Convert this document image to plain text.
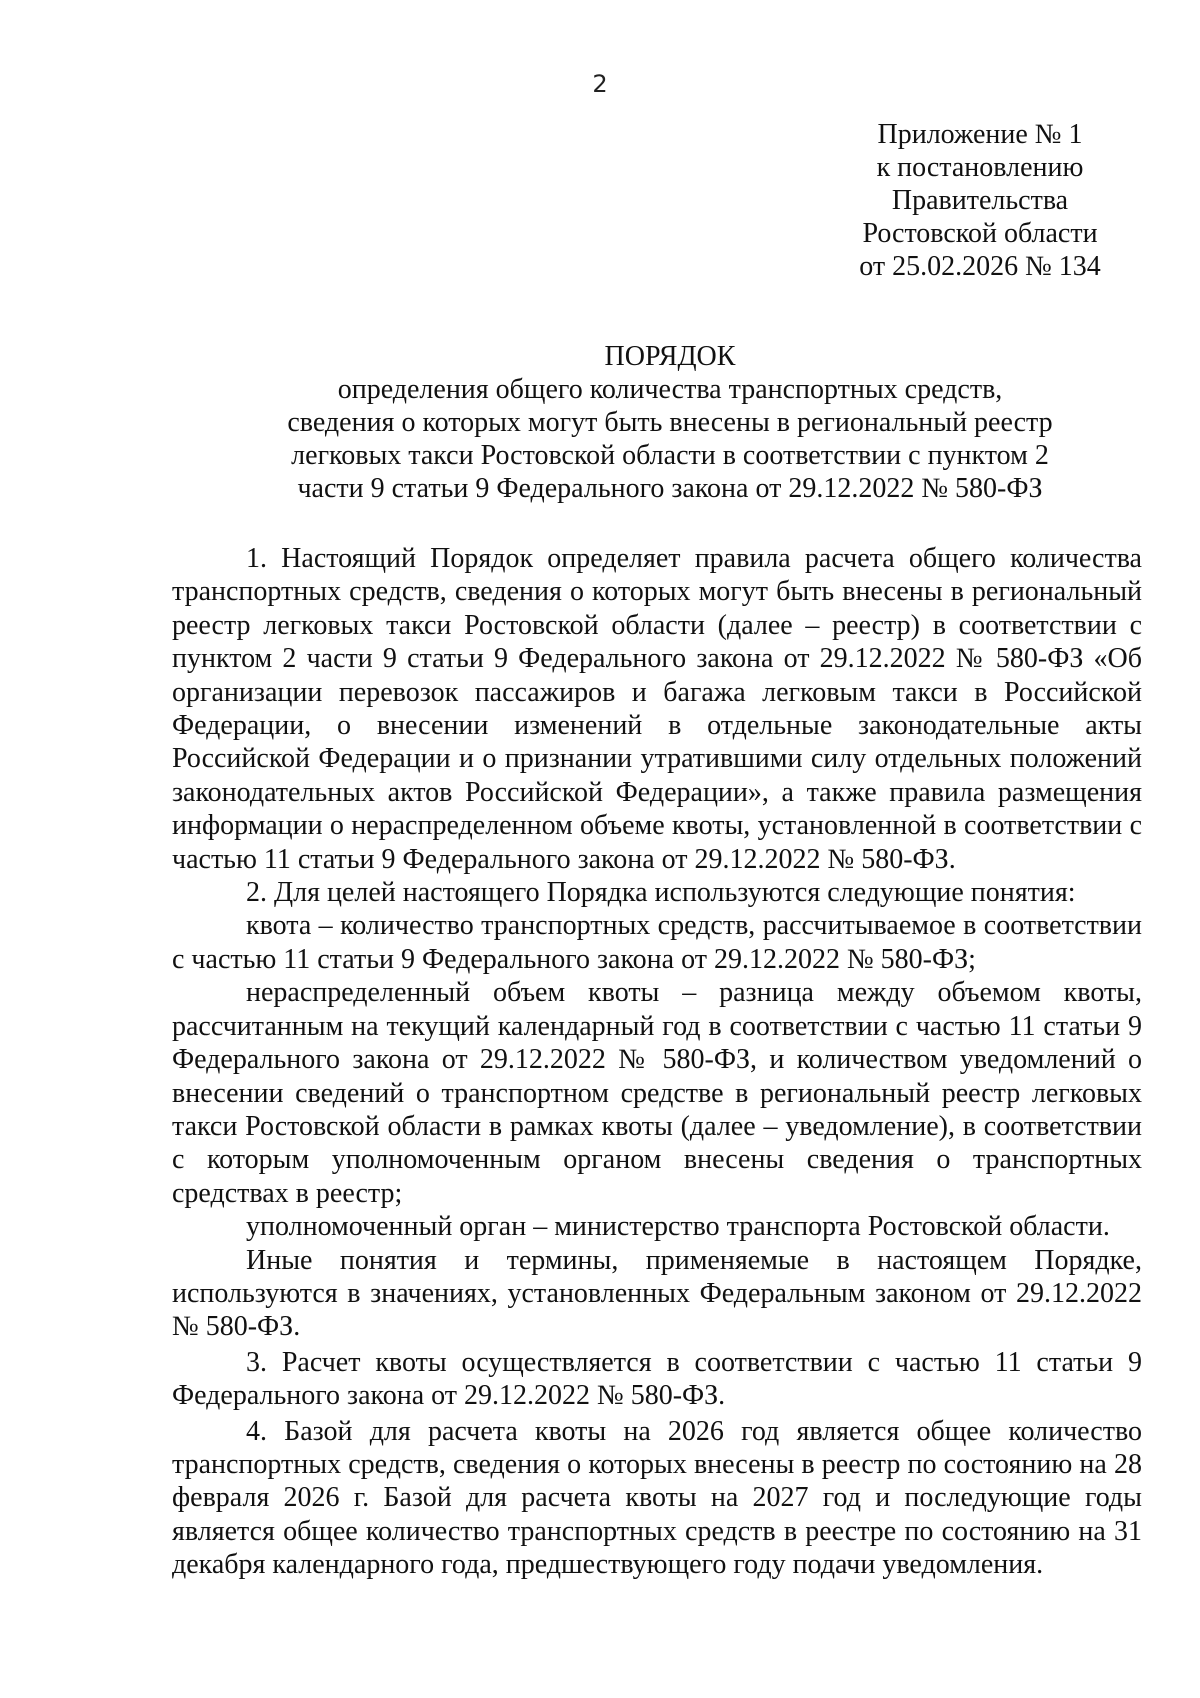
2
Приложение № 1
к постановлению
Правительства
Ростовской области
от 25.02.2026 № 134
ПОРЯДОК
определения общего количества транспортных средств,
сведения о которых могут быть внесены в региональный реестр
легковых такси Ростовской области в соответствии с пунктом 2
части 9 статьи 9 Федерального закона от 29.12.2022 № 580-ФЗ

1. Настоящий Порядок определяет правила расчета общего количества транспортных средств, сведения о которых могут быть внесены в региональный реестр легковых такси Ростовской области (далее – реестр) в соответствии с пунктом 2 части 9 статьи 9 Федерального закона от 29.12.2022 № 580-ФЗ «Об организации перевозок пассажиров и багажа легковым такси в Российской Федерации, о внесении изменений в отдельные законодательные акты Российской Федерации и о признании утратившими силу отдельных положений законодательных актов Российской Федерации», а также правила размещения информации о нераспределенном объеме квоты, установленной в соответствии с частью 11 статьи 9 Федерального закона от 29.12.2022 № 580-ФЗ.

2. Для целей настоящего Порядка используются следующие понятия:

квота – количество транспортных средств, рассчитываемое в соответствии с частью 11 статьи 9 Федерального закона от 29.12.2022 № 580-ФЗ;

нераспределенный объем квоты – разница между объемом квоты, рассчитанным на текущий календарный год в соответствии с частью 11 статьи 9 Федерального закона от 29.12.2022 № 580-ФЗ, и количеством уведомлений о внесении сведений о транспортном средстве в региональный реестр легковых такси Ростовской области в рамках квоты (далее – уведомление), в соответствии с которым уполномоченным органом внесены сведения о транспортных средствах в реестр;

уполномоченный орган – министерство транспорта Ростовской области.

Иные понятия и термины, применяемые в настоящем Порядке, используются в значениях, установленных Федеральным законом от 29.12.2022 № 580-ФЗ.

3. Расчет квоты осуществляется в соответствии с частью 11 статьи 9 Федерального закона от 29.12.2022 № 580-ФЗ.

4. Базой для расчета квоты на 2026 год является общее количество транспортных средств, сведения о которых внесены в реестр по состоянию на 28 февраля 2026 г. Базой для расчета квоты на 2027 год и последующие годы является общее количество транспортных средств в реестре по состоянию на 31 декабря календарного года, предшествующего году подачи уведомления.
